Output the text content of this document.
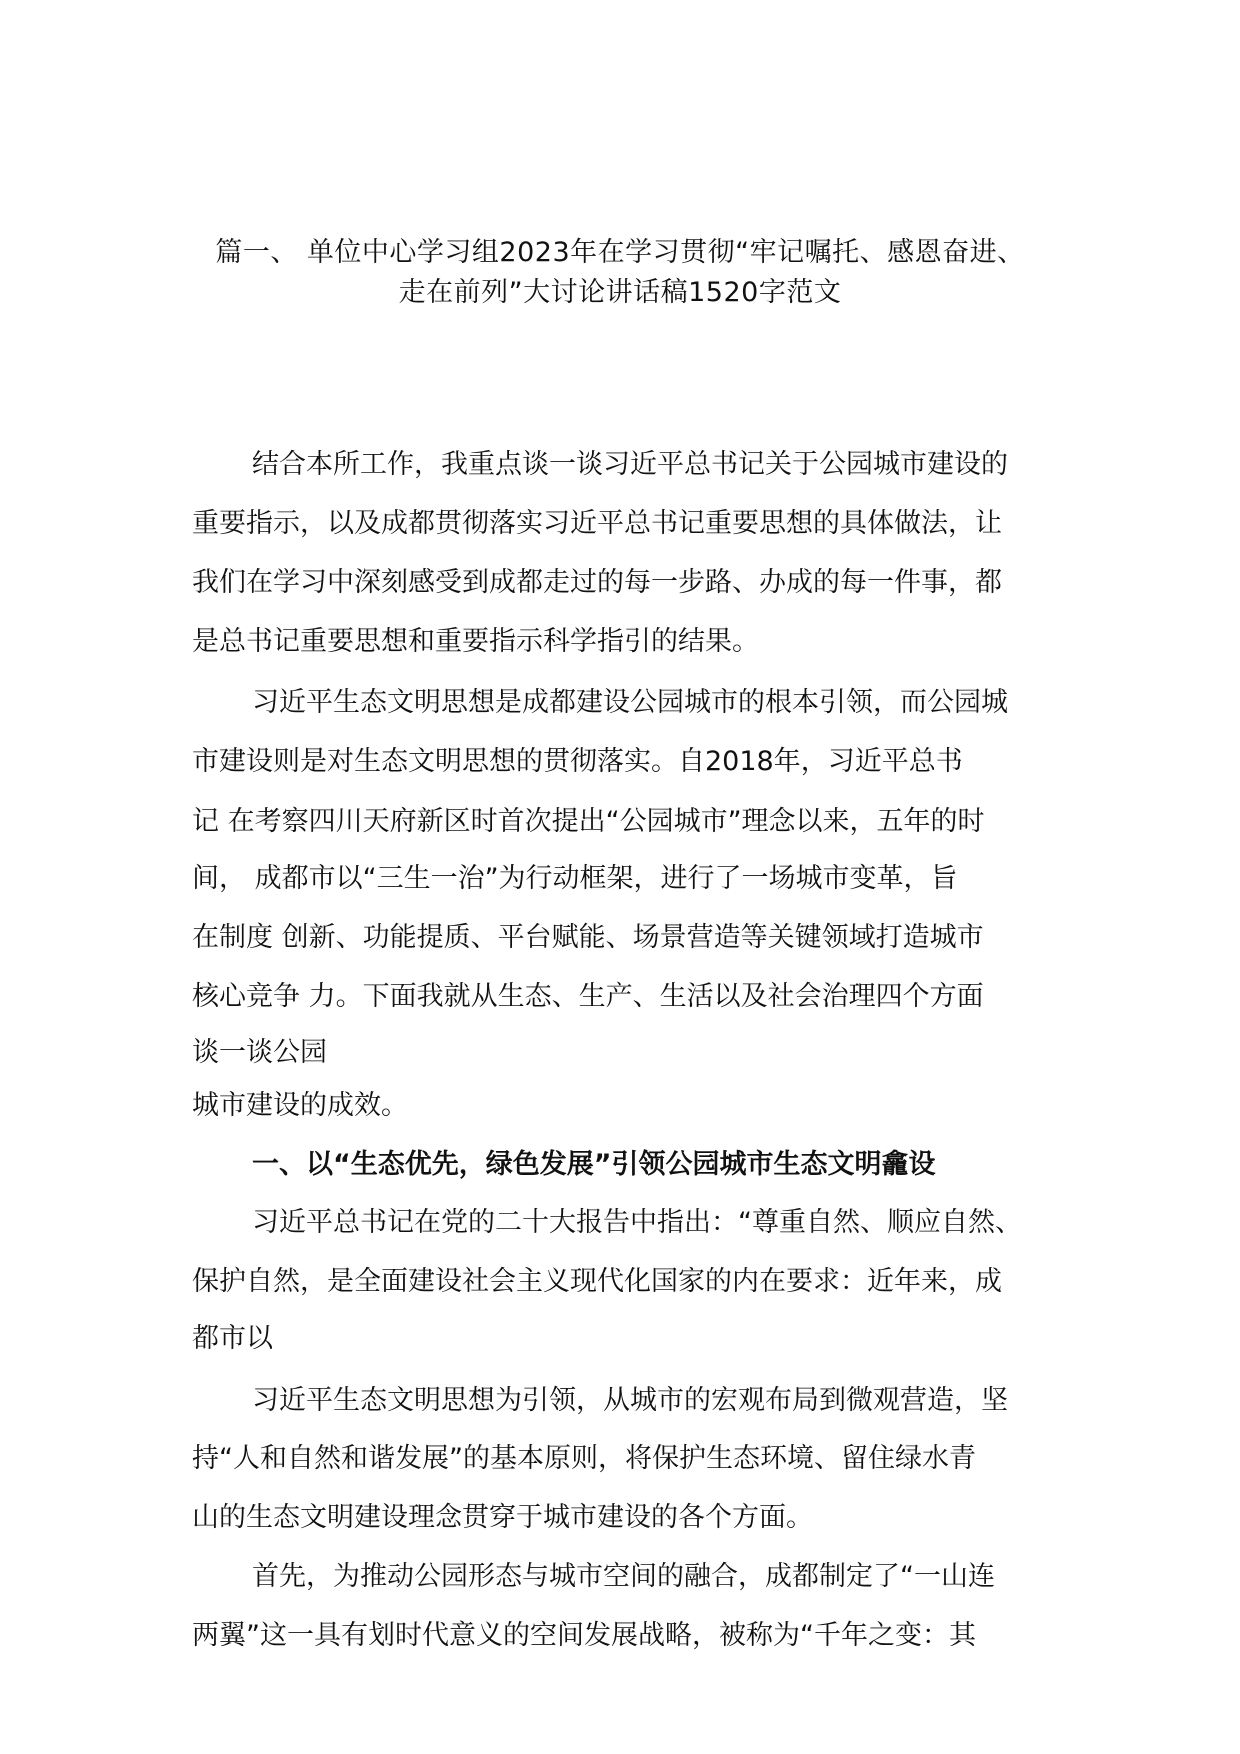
篇一、 单位中心学习组2023年在学习贯彻“牢记嘱托、感恩奋进、
走在前列”大讨论讲话稿1520字范文
结合本所工作，我重点谈一谈习近平总书记关于公园城市建设的
重要指示，以及成都贯彻落实习近平总书记重要思想的具体做法，让
我们在学习中深刻感受到成都走过的每一步路、办成的每一件事，都
是总书记重要思想和重要指示科学指引的结果。
习近平生态文明思想是成都建设公园城市的根本引领，而公园城
市建设则是对生态文明思想的贯彻落实。自2018年，习近平总书
记 在考察四川天府新区时首次提出“公园城市”理念以来，五年的时
间， 成都市以“三生一治”为行动框架，进行了一场城市变革，旨
在制度 创新、功能提质、平台赋能、场景营造等关键领域打造城市
核心竞争 力。下面我就从生态、生产、生活以及社会治理四个方面
谈一谈公园
城市建设的成效。
一、以“生态优先，绿色发展”引领公园城市生态文明龕设
习近平总书记在党的二十大报告中指出：“尊重自然、顺应自然、
保护自然，是全面建设社会主义现代化国家的内在要求：近年来，成
都市以
习近平生态文明思想为引领，从城市的宏观布局到微观营造，坚
持“人和自然和谐发展”的基本原则，将保护生态环境、留住绿水青
山的生态文明建设理念贯穿于城市建设的各个方面。
首先，为推动公园形态与城市空间的融合，成都制定了“一山连
两翼”这一具有划时代意义的空间发展战略，被称为“千年之变：其
